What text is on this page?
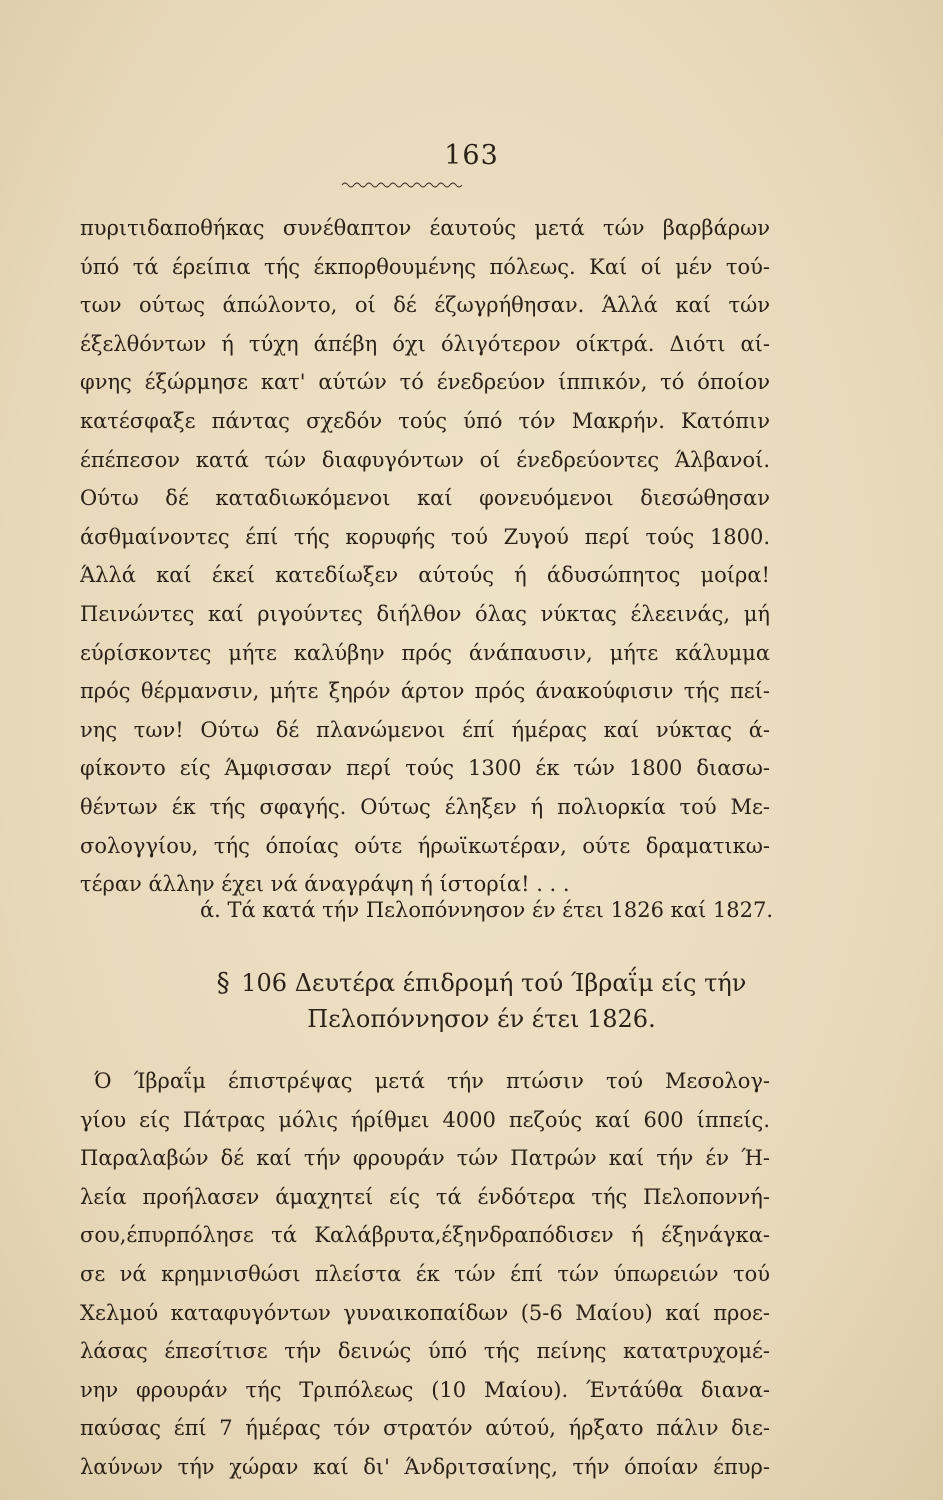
163
πυριτιδαποθήκας συνέθαπτον έαυτούς μετά τών βαρβάρων
ύπό τά έρείπια τής έκπορθουμένης πόλεως. Καί οί μέν τού-
των ούτως άπώλοντο, οί δέ έζωγρήθησαν. Άλλά καί τών
έξελθόντων ή τύχη άπέβη όχι όλιγότερον οίκτρά. Διότι αί-
φνης έξώρμησε κατ' αύτών τό ένεδρεύον ίππικόν, τό όποίον
κατέσφαξε πάντας σχεδόν τούς ύπό τόν Μακρήν. Κατόπιν
έπέπεσον κατά τών διαφυγόντων οί ένεδρεύοντες Άλβανοί.
Ούτω δέ καταδιωκόμενοι καί φονευόμενοι διεσώθησαν
άσθμαίνοντες έπί τής κορυφής τού Ζυγού περί τούς 1800.
Άλλά καί έκεί κατεδίωξεν αύτούς ή άδυσώπητος μοίρα!
Πεινώντες καί ριγούντες διήλθον όλας νύκτας έλεεινάς, μή
εύρίσκοντες μήτε καλύβην πρός άνάπαυσιν, μήτε κάλυμμα
πρός θέρμανσιν, μήτε ξηρόν άρτον πρός άνακούφισιν τής πεί-
νης των! Ούτω δέ πλανώμενοι έπί ήμέρας καί νύκτας ά-
φίκοντο είς Άμφισσαν περί τούς 1300 έκ τών 1800 διασω-
θέντων έκ τής σφαγής. Ούτως έληξεν ή πολιορκία τού Με-
σολογγίου, τής όποίας ούτε ήρωϊκωτέραν, ούτε δραματικω-
τέραν άλλην έχει νά άναγράψη ή ίστορία! . . .
ά. Τά κατά τήν Πελοπόννησον έν έτει 1826 καί 1827.
§ 106 Δευτέρα έπιδρομή τού Ίβραΐμ είς τήν
Πελοπόννησον έν έτει 1826.
Ό Ίβραΐμ έπιστρέψας μετά τήν πτώσιν τού Μεσολογ-
γίου είς Πάτρας μόλις ήρίθμει 4000 πεζούς καί 600 ίππείς.
Παραλαβών δέ καί τήν φρουράν τών Πατρών καί τήν έν Ή-
λεία προήλασεν άμαχητεί είς τά ένδότερα τής Πελοποννή-
σου,έπυρπόλησε τά Καλάβρυτα,έξηνδραπόδισεν ή έξηνάγκα-
σε νά κρημνισθώσι πλείστα έκ τών έπί τών ύπωρειών τού
Χελμού καταφυγόντων γυναικοπαίδων (5-6 Μαίου) καί προε-
λάσας έπεσίτισε τήν δεινώς ύπό τής πείνης κατατρυχομέ-
νην φρουράν τής Τριπόλεως (10 Μαίου). Έντάύθα διανα-
παύσας έπί 7 ήμέρας τόν στρατόν αύτού, ήρξατο πάλιν διε-
λαύνων τήν χώραν καί δι' Άνδριτσαίνης, τήν όποίαν έπυρ-
